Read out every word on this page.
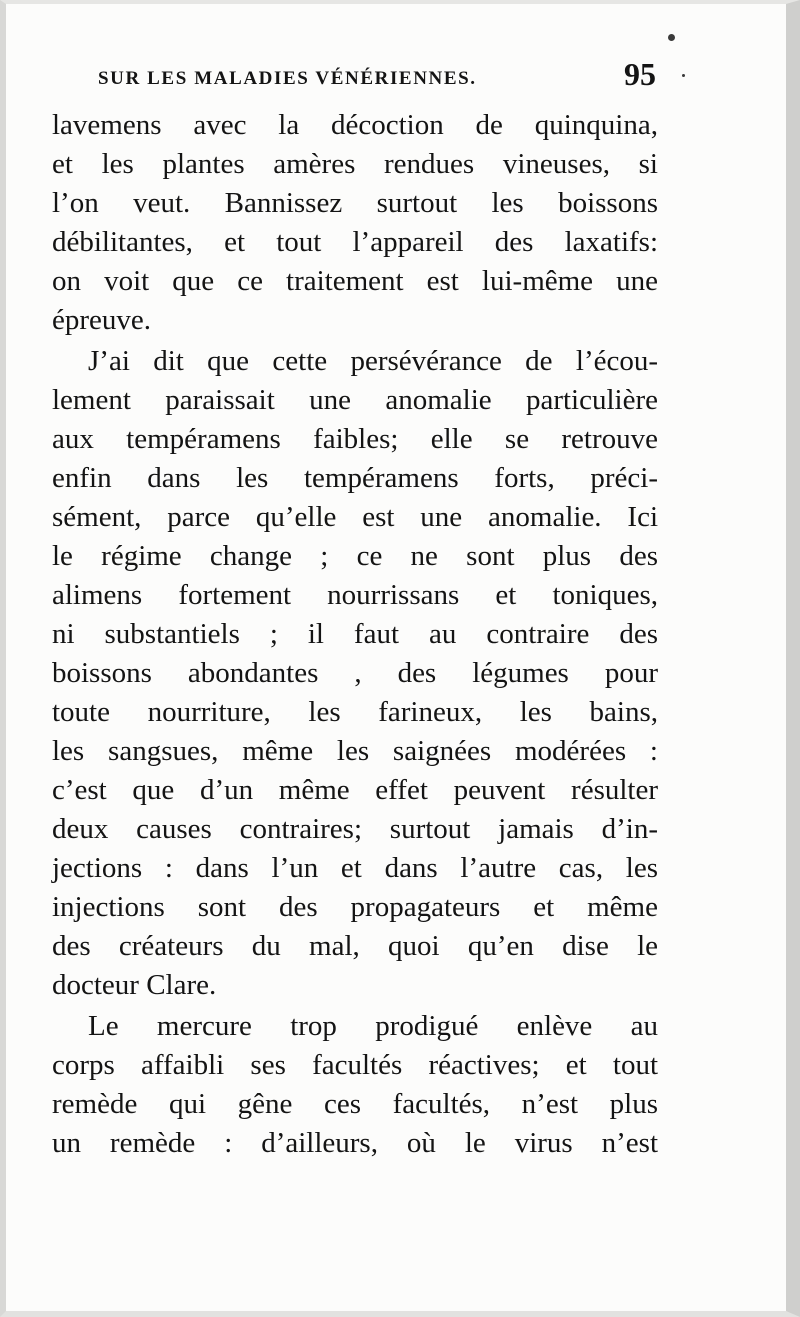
SUR LES MALADIES VÉNÉRIENNES.	95
lavemens avec la décoction de quinquina,
et les plantes amères rendues vineuses, si
l’on veut. Bannissez surtout les boissons
débilitantes, et tout l’appareil des laxatifs:
on voit que ce traitement est lui-même une
épreuve.
J’ai dit que cette persévérance de l’écou-
lement paraissait une anomalie particulière
aux tempéramens faibles; elle se retrouve
enfin dans les tempéramens forts, préci-
sément, parce qu’elle est une anomalie. Ici
le régime change ; ce ne sont plus des
alimens fortement nourrissans et toniques,
ni substantiels ; il faut au contraire des
boissons abondantes , des légumes pour
toute nourriture, les farineux, les bains,
les sangsues, même les saignées modérées :
c’est que d’un même effet peuvent résulter
deux causes contraires; surtout jamais d’in-
jections : dans l’un et dans l’autre cas, les
injections sont des propagateurs et même
des créateurs du mal, quoi qu’en dise le
docteur Clare.
Le mercure trop prodigué enlève au
corps affaibli ses facultés réactives; et tout
remède qui gêne ces facultés, n’est plus
un remède : d’ailleurs, où le virus n’est
